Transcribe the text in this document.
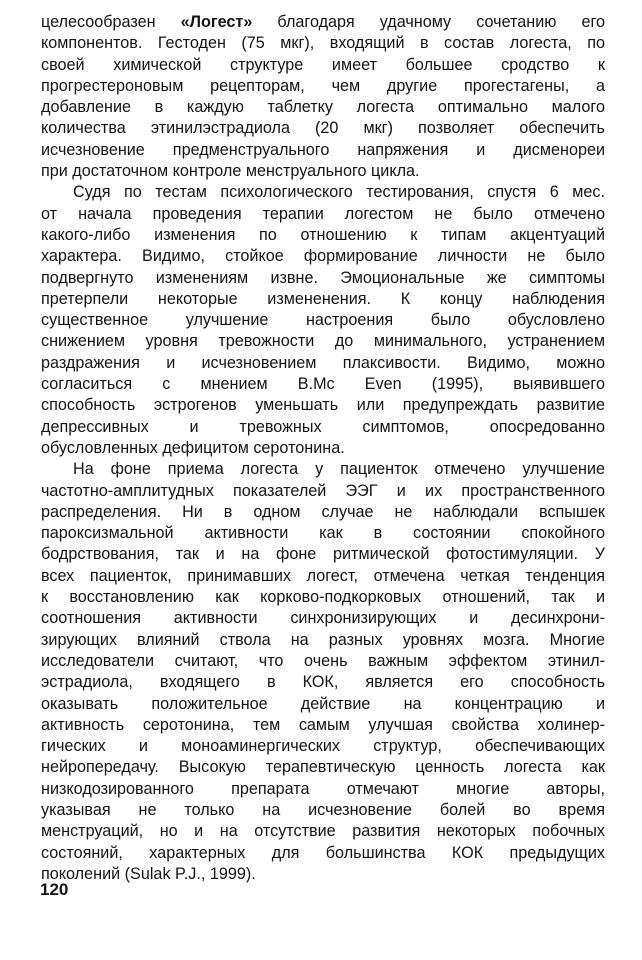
целесообразен «Логест» благодаря удачному сочетанию его
компонентов. Гестоден (75 мкг), входящий в состав логеста, по
своей химической структуре имеет большее сродство к
прогрестероновым рецепторам, чем другие прогестагены, а
добавление в каждую таблетку логеста оптимально малого
количества этинилэстрадиола (20 мкг) позволяет обеспечить
исчезновение предменструального напряжения и дисменореи
при достаточном контроле менструального цикла.

Судя по тестам психологического тестирования, спустя 6 мес.
от начала проведения терапии логестом не было отмечено
какого-либо изменения по отношению к типам акцентуаций
характера. Видимо, стойкое формирование личности не было
подвергнуто изменениям извне. Эмоциональные же симптомы
претерпели некоторые измененения. К концу наблюдения
существенное улучшение настроения было обусловлено
снижением уровня тревожности до минимального, устранением
раздражения и исчезновением плаксивости. Видимо, можно
согласиться с мнением B.Mc Even (1995), выявившего
способность эстрогенов уменьшать или предупреждать развитие
депрессивных и тревожных симптомов, опосредованно
обусловленных дефицитом серотонина.

На фоне приема логеста у пациенток отмечено улучшение
частотно-амплитудных показателей ЭЭГ и их пространственного
распределения. Ни в одном случае не наблюдали вспышек
пароксизмальной активности как в состоянии спокойного
бодрствования, так и на фоне ритмической фотостимуляции. У
всех пациенток, принимавших логест, отмечена четкая тенденция
к восстановлению как корково-подкорковых отношений, так и
соотношения активности синхронизирующих и десинхрони-
зирующих влияний ствола на разных уровнях мозга. Многие
исследователи считают, что очень важным эффектом этинил-
эстрадиола, входящего в КОК, является его способность
оказывать положительное действие на концентрацию и
активность серотонина, тем самым улучшая свойства холинер-
гических и моноаминергических структур, обеспечивающих
нейропередачу. Высокую терапевтическую ценность логеста как
низкодозированного препарата отмечают многие авторы,
указывая не только на исчезновение болей во время
менструаций, но и на отсутствие развития некоторых побочных
состояний, характерных для большинства КОК предыдущих
поколений (Sulak P.J., 1999).

120
